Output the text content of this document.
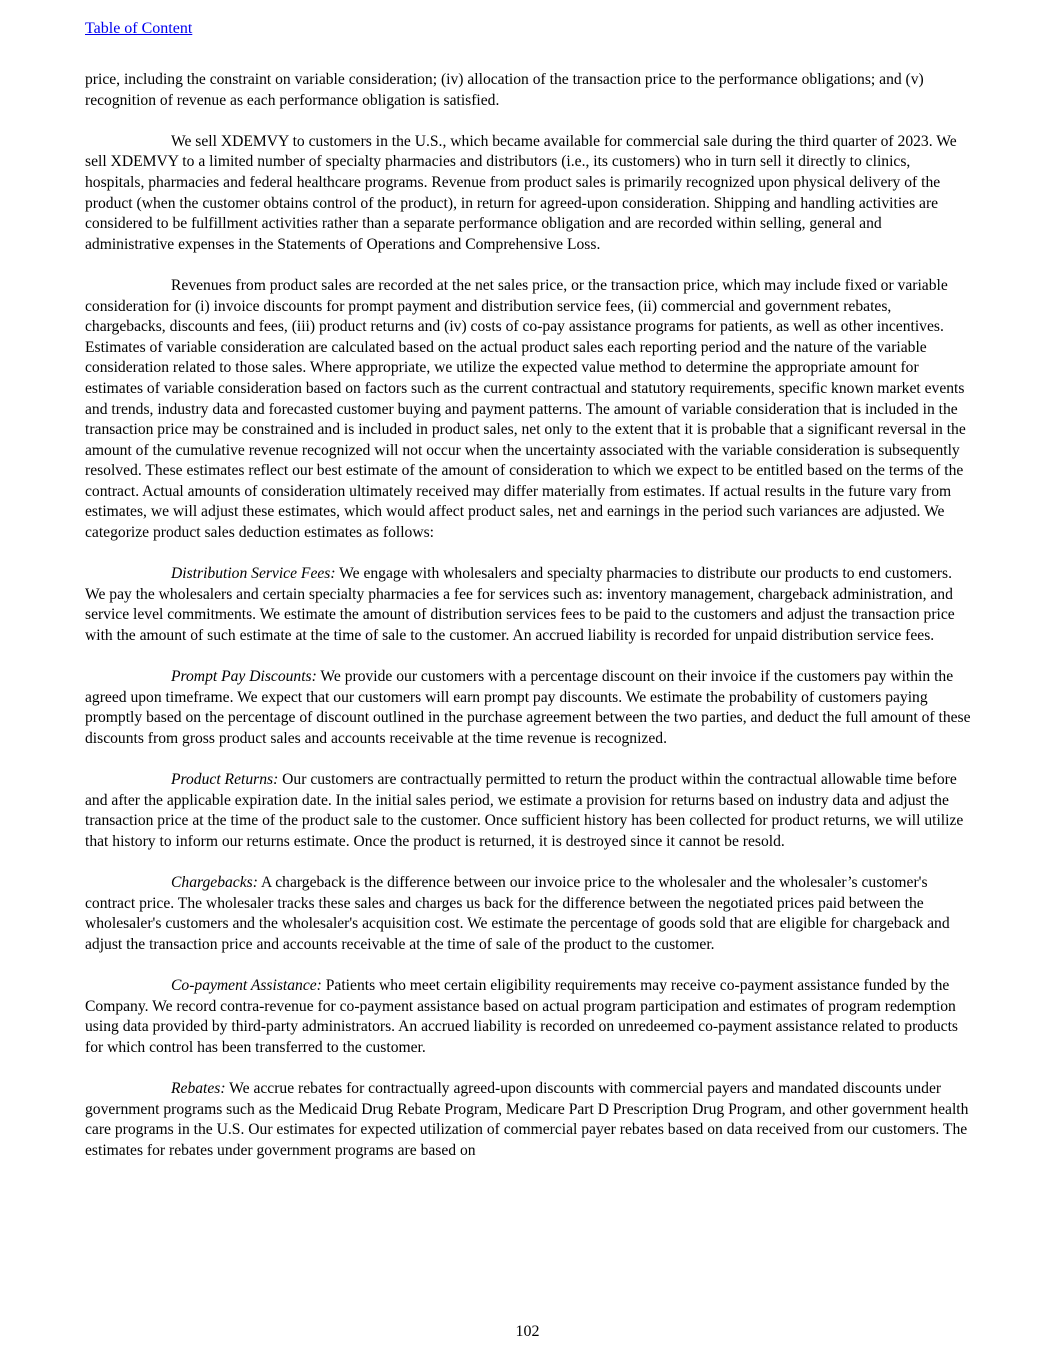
Table of Content

price, including the constraint on variable consideration; (iv) allocation of the transaction price to the performance obligations; and (v) recognition of revenue as each performance obligation is satisfied.

We sell XDEMVY to customers in the U.S., which became available for commercial sale during the third quarter of 2023. We sell XDEMVY to a limited number of specialty pharmacies and distributors (i.e., its customers) who in turn sell it directly to clinics, hospitals, pharmacies and federal healthcare programs. Revenue from product sales is primarily recognized upon physical delivery of the product (when the customer obtains control of the product), in return for agreed-upon consideration. Shipping and handling activities are considered to be fulfillment activities rather than a separate performance obligation and are recorded within selling, general and administrative expenses in the Statements of Operations and Comprehensive Loss.

Revenues from product sales are recorded at the net sales price, or the transaction price, which may include fixed or variable consideration for (i) invoice discounts for prompt payment and distribution service fees, (ii) commercial and government rebates, chargebacks, discounts and fees, (iii) product returns and (iv) costs of co-pay assistance programs for patients, as well as other incentives. Estimates of variable consideration are calculated based on the actual product sales each reporting period and the nature of the variable consideration related to those sales. Where appropriate, we utilize the expected value method to determine the appropriate amount for estimates of variable consideration based on factors such as the current contractual and statutory requirements, specific known market events and trends, industry data and forecasted customer buying and payment patterns. The amount of variable consideration that is included in the transaction price may be constrained and is included in product sales, net only to the extent that it is probable that a significant reversal in the amount of the cumulative revenue recognized will not occur when the uncertainty associated with the variable consideration is subsequently resolved. These estimates reflect our best estimate of the amount of consideration to which we expect to be entitled based on the terms of the contract. Actual amounts of consideration ultimately received may differ materially from estimates. If actual results in the future vary from estimates, we will adjust these estimates, which would affect product sales, net and earnings in the period such variances are adjusted. We categorize product sales deduction estimates as follows:

Distribution Service Fees: We engage with wholesalers and specialty pharmacies to distribute our products to end customers. We pay the wholesalers and certain specialty pharmacies a fee for services such as: inventory management, chargeback administration, and service level commitments. We estimate the amount of distribution services fees to be paid to the customers and adjust the transaction price with the amount of such estimate at the time of sale to the customer. An accrued liability is recorded for unpaid distribution service fees.

Prompt Pay Discounts: We provide our customers with a percentage discount on their invoice if the customers pay within the agreed upon timeframe. We expect that our customers will earn prompt pay discounts. We estimate the probability of customers paying promptly based on the percentage of discount outlined in the purchase agreement between the two parties, and deduct the full amount of these discounts from gross product sales and accounts receivable at the time revenue is recognized.

Product Returns: Our customers are contractually permitted to return the product within the contractual allowable time before and after the applicable expiration date. In the initial sales period, we estimate a provision for returns based on industry data and adjust the transaction price at the time of the product sale to the customer. Once sufficient history has been collected for product returns, we will utilize that history to inform our returns estimate. Once the product is returned, it is destroyed since it cannot be resold.

Chargebacks: A chargeback is the difference between our invoice price to the wholesaler and the wholesaler’s customer's contract price. The wholesaler tracks these sales and charges us back for the difference between the negotiated prices paid between the wholesaler's customers and the wholesaler's acquisition cost. We estimate the percentage of goods sold that are eligible for chargeback and adjust the transaction price and accounts receivable at the time of sale of the product to the customer.

Co-payment Assistance: Patients who meet certain eligibility requirements may receive co-payment assistance funded by the Company. We record contra-revenue for co-payment assistance based on actual program participation and estimates of program redemption using data provided by third-party administrators. An accrued liability is recorded on unredeemed co-payment assistance related to products for which control has been transferred to the customer.

Rebates: We accrue rebates for contractually agreed-upon discounts with commercial payers and mandated discounts under government programs such as the Medicaid Drug Rebate Program, Medicare Part D Prescription Drug Program, and other government health care programs in the U.S. Our estimates for expected utilization of commercial payer rebates based on data received from our customers. The estimates for rebates under government programs are based on

102
